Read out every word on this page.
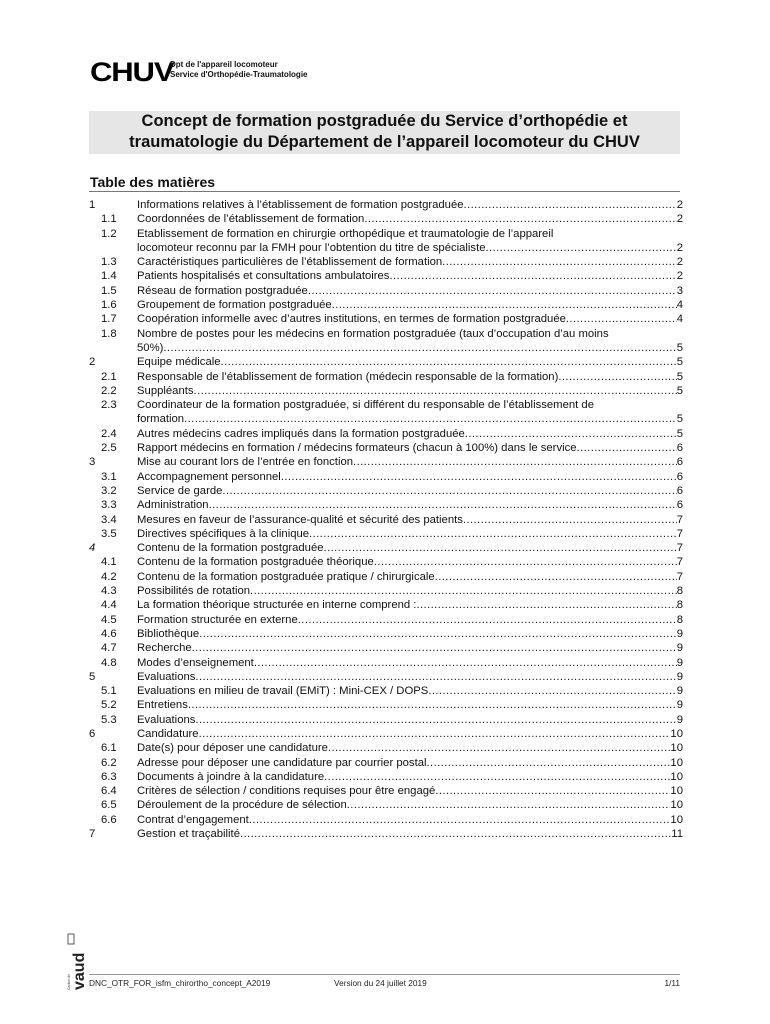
CHUV
Dpt de l'appareil locomoteur
Service d'Orthopédie-Traumatologie
Concept de formation postgraduée du Service d’orthopédie et
traumatologie du Département de l’appareil locomoteur du CHUV
Table des matières
1	Informations relatives à l’établissement de formation postgraduée .....	2
1.1 Coordonnées de l’établissement de formation .....	2
1.2 Etablissement de formation en chirurgie orthopédique et traumatologie de l’appareil
locomoteur reconnu par la FMH pour l’obtention du titre de spécialiste .....	2
1.3 Caractéristiques particulières de l’établissement de formation .....	2
1.4 Patients hospitalisés et consultations ambulatoires .....	2
1.5 Réseau de formation postgraduée .....	3
1.6 Groupement de formation postgraduée .....	4
1.7 Coopération informelle avec d’autres institutions, en termes de formation postgraduée .....	4
1.8 Nombre de postes pour les médecins en formation postgraduée (taux d’occupation d’au moins
50%) .....	5
2	Equipe médicale .....	5
2.1 Responsable de l’établissement de formation (médecin responsable de la formation) .....	5
2.2 Suppléants .....	5
2.3 Coordinateur de la formation postgraduée, si différent du responsable de l’établissement de
formation .....	5
2.4 Autres médecins cadres impliqués dans la formation postgraduée .....	5
2.5 Rapport médecins en formation / médecins formateurs (chacun à 100%) dans le service .....	6
3	Mise au courant lors de l’entrée en fonction .....	6
3.1 Accompagnement personnel .....	6
3.2 Service de garde .....	6
3.3 Administration .....	6
3.4 Mesures en faveur de l’assurance-qualité et sécurité des patients .....	7
3.5 Directives spécifiques à la clinique .....	7
4	Contenu de la formation postgraduée .....	7
4.1 Contenu de la formation postgraduée théorique .....	7
4.2 Contenu de la formation postgraduée pratique / chirurgicale .....	7
4.3 Possibilités de rotation .....	8
4.4 La formation théorique structurée en interne comprend : .....	8
4.5 Formation structurée en externe .....	8
4.6 Bibliothèque .....	9
4.7 Recherche .....	9
4.8 Modes d’enseignement .....	9
5	Evaluations .....	9
5.1 Evaluations en milieu de travail (EMiT) : Mini-CEX / DOPS .....	9
5.2 Entretiens .....	9
5.3 Evaluations .....	9
6	Candidature .....	10
6.1 Date(s) pour déposer une candidature .....	10
6.2 Adresse pour déposer une candidature par courrier postal .....	10
6.3 Documents à joindre à la candidature .....	10
6.4 Critères de sélection / conditions requises pour être engagé .....	10
6.5 Déroulement de la procédure de sélection .....	10
6.6 Contrat d’engagement .....	10
7	Gestion et traçabilité .....	11
vaud
Canton de DNC_OTR_FOR_isfm_chirortho_concept_A2019	Version du 24 juillet 2019	1/11
